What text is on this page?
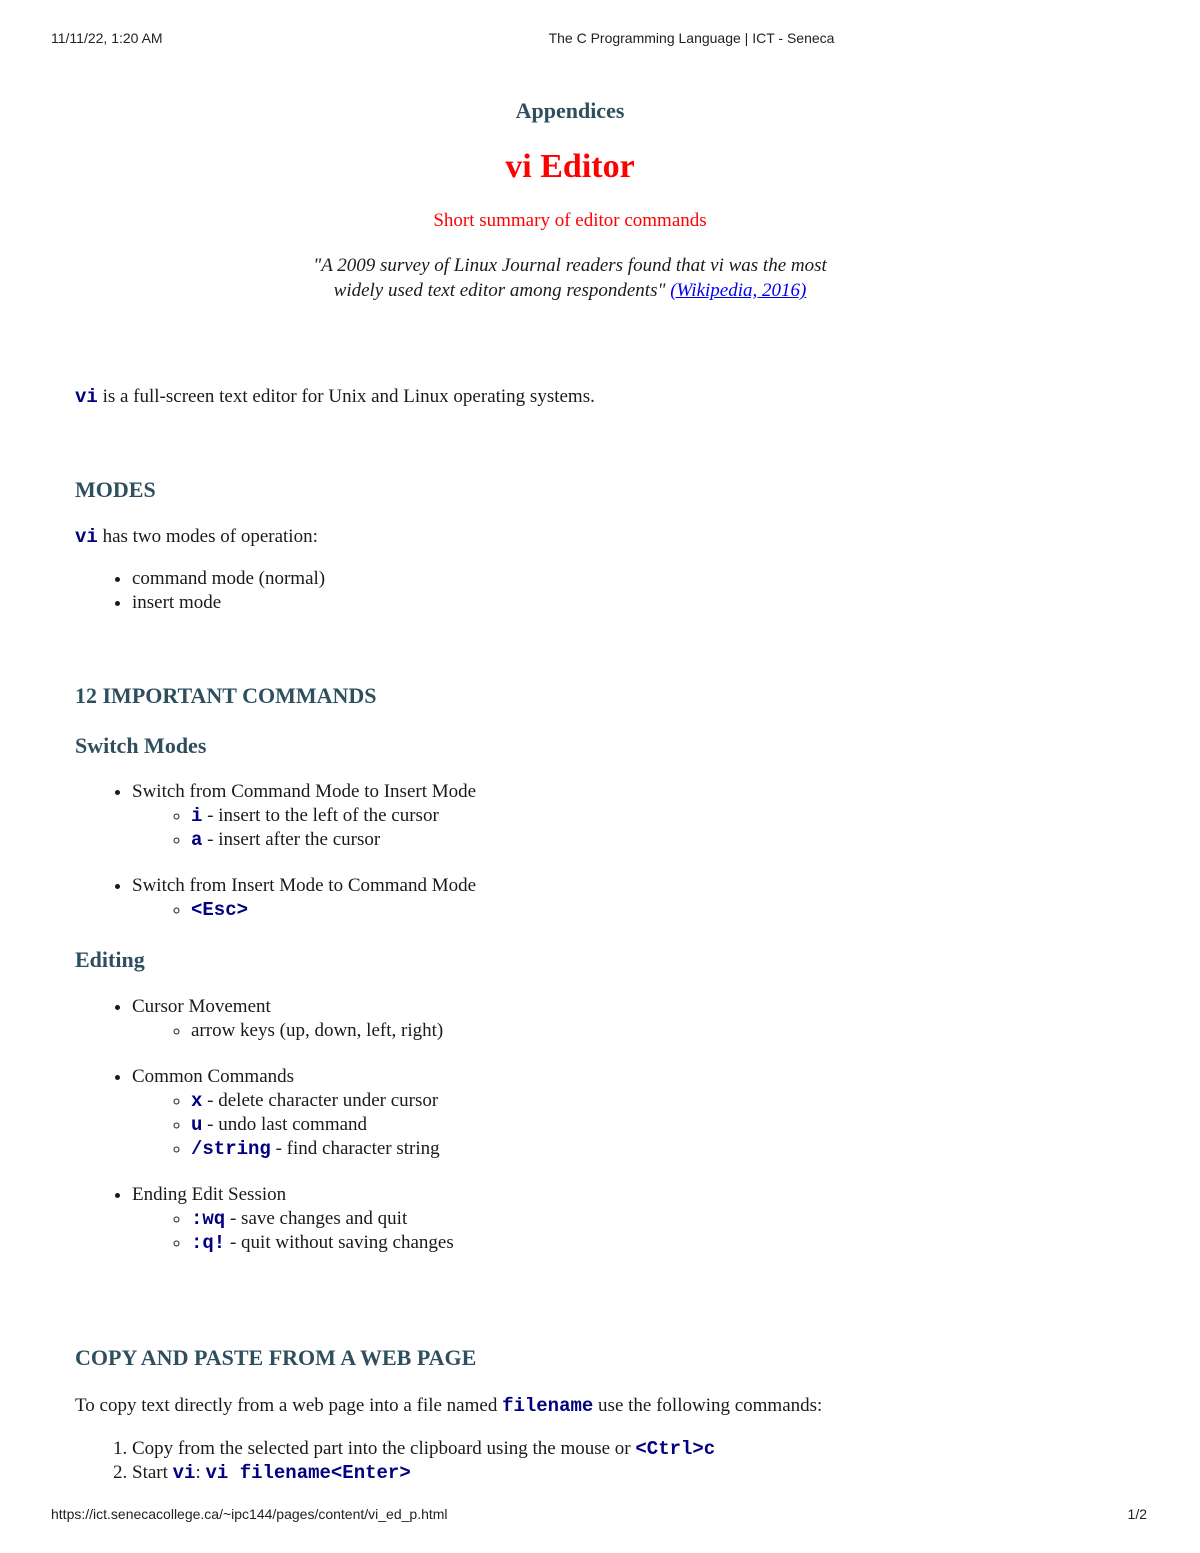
11/11/22, 1:20 AM	The C Programming Language | ICT - Seneca
Appendices
vi Editor

Short summary of editor commands

"A 2009 survey of Linux Journal readers found that vi was the most
widely used text editor among respondents" (Wikipedia, 2016)

vi is a full-screen text editor for Unix and Linux operating systems.

MODES

vi has two modes of operation:

• command mode (normal)
• insert mode
12 IMPORTANT COMMANDS
Switch Modes
• Switch from Command Mode to Insert Mode
◦ i - insert to the left of the cursor
◦ a - insert after the cursor
• Switch from Insert Mode to Command Mode
◦ <Esc>
Editing
• Cursor Movement
◦ arrow keys (up, down, left, right)
• Common Commands
◦ x - delete character under cursor
◦ u - undo last command
◦ /string - find character string
• Ending Edit Session
◦ :wq - save changes and quit
◦ :q! - quit without saving changes
COPY AND PASTE FROM A WEB PAGE

To copy text directly from a web page into a file named filename use the following commands:

1. Copy from the selected part into the clipboard using the mouse or <Ctrl>c
2. Start vi: vi filename<Enter>
https://ict.senecacollege.ca/~ipc144/pages/content/vi_ed_p.html	1/2
